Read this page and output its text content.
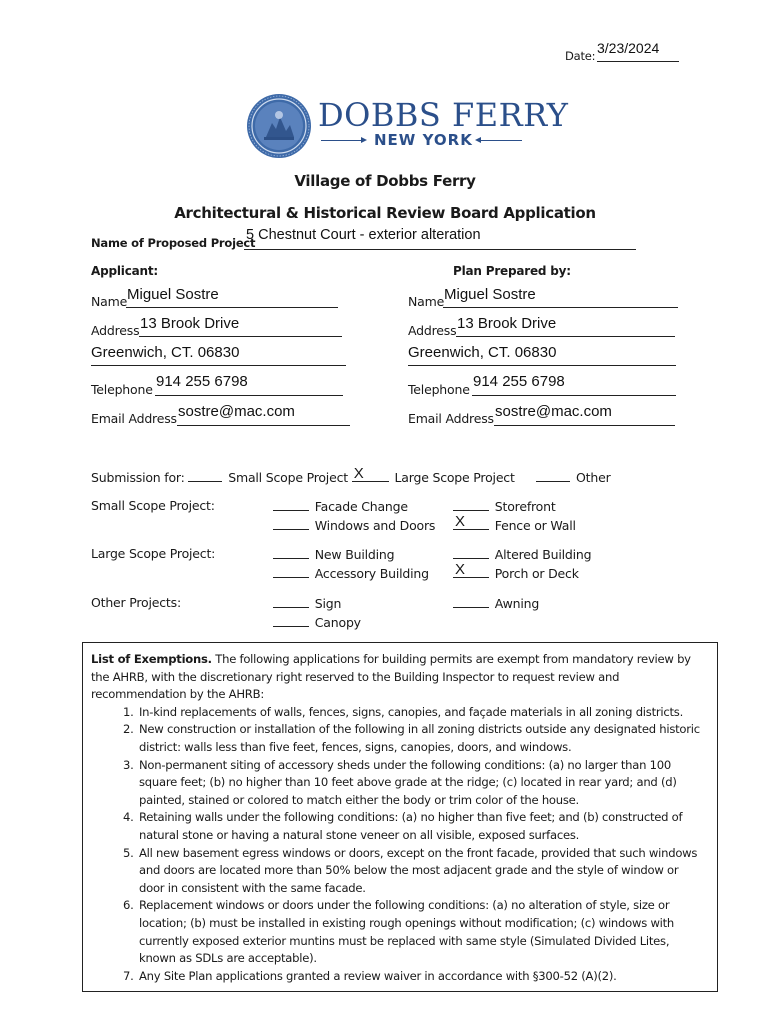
Date: 3/23/2024
DOBBS FERRY
NEW YORK
Village of Dobbs Ferry
Architectural & Historical Review Board Application
Name of Proposed Project
5 Chestnut Court - exterior alteration
Applicant:
Name Miguel Sostre
Address 13 Brook Drive
Greenwich, CT. 06830
Telephone 914 255 6798
Email Address sostre@mac.com
Plan Prepared by:
Name Miguel Sostre
Address 13 Brook Drive
Greenwich, CT. 06830
Telephone 914 255 6798
Email Address sostre@mac.com
Submission for:	Small Scope Project X Large Scope Project	Other
Small Scope Project:	Facade Change	Storefront
Windows and Doors X Fence or Wall
Large Scope Project:	New Building	Altered Building
Accessory Building X Porch or Deck
Other Projects:	Sign	Awning
Canopy
List of Exemptions. The following applications for building permits are exempt from mandatory review by the AHRB, with the discretionary right reserved to the Building Inspector to request review and recommendation by the AHRB:
1. In-kind replacements of walls, fences, signs, canopies, and façade materials in all zoning districts.
2. New construction or installation of the following in all zoning districts outside any designated historic district: walls less than five feet, fences, signs, canopies, doors, and windows.
3. Non-permanent siting of accessory sheds under the following conditions: (a) no larger than 100 square feet; (b) no higher than 10 feet above grade at the ridge; (c) located in rear yard; and (d) painted, stained or colored to match either the body or trim color of the house.
4. Retaining walls under the following conditions: (a) no higher than five feet; and (b) constructed of natural stone or having a natural stone veneer on all visible, exposed surfaces.
5. All new basement egress windows or doors, except on the front facade, provided that such windows and doors are located more than 50% below the most adjacent grade and the style of window or door in consistent with the same facade.
6. Replacement windows or doors under the following conditions: (a) no alteration of style, size or location; (b) must be installed in existing rough openings without modification; (c) windows with currently exposed exterior muntins must be replaced with same style (Simulated Divided Lites, known as SDLs are acceptable).
7. Any Site Plan applications granted a review waiver in accordance with §300-52 (A)(2).
